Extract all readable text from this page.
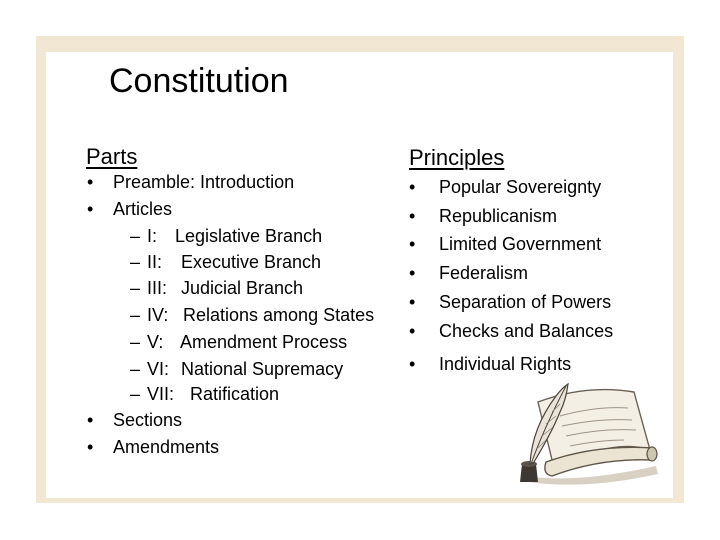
Constitution
Parts	Principles
• Preamble: Introduction
• Articles
– I: Legislative Branch
– II: Executive Branch
– III: Judicial Branch
– IV: Relations among States
– V: Amendment Process
– VI: National Supremacy
– VII: Ratification
• Sections
• Amendments
• Popular Sovereignty
• Republicanism
• Limited Government
• Federalism
• Separation of Powers
• Checks and Balances
• Individual Rights
